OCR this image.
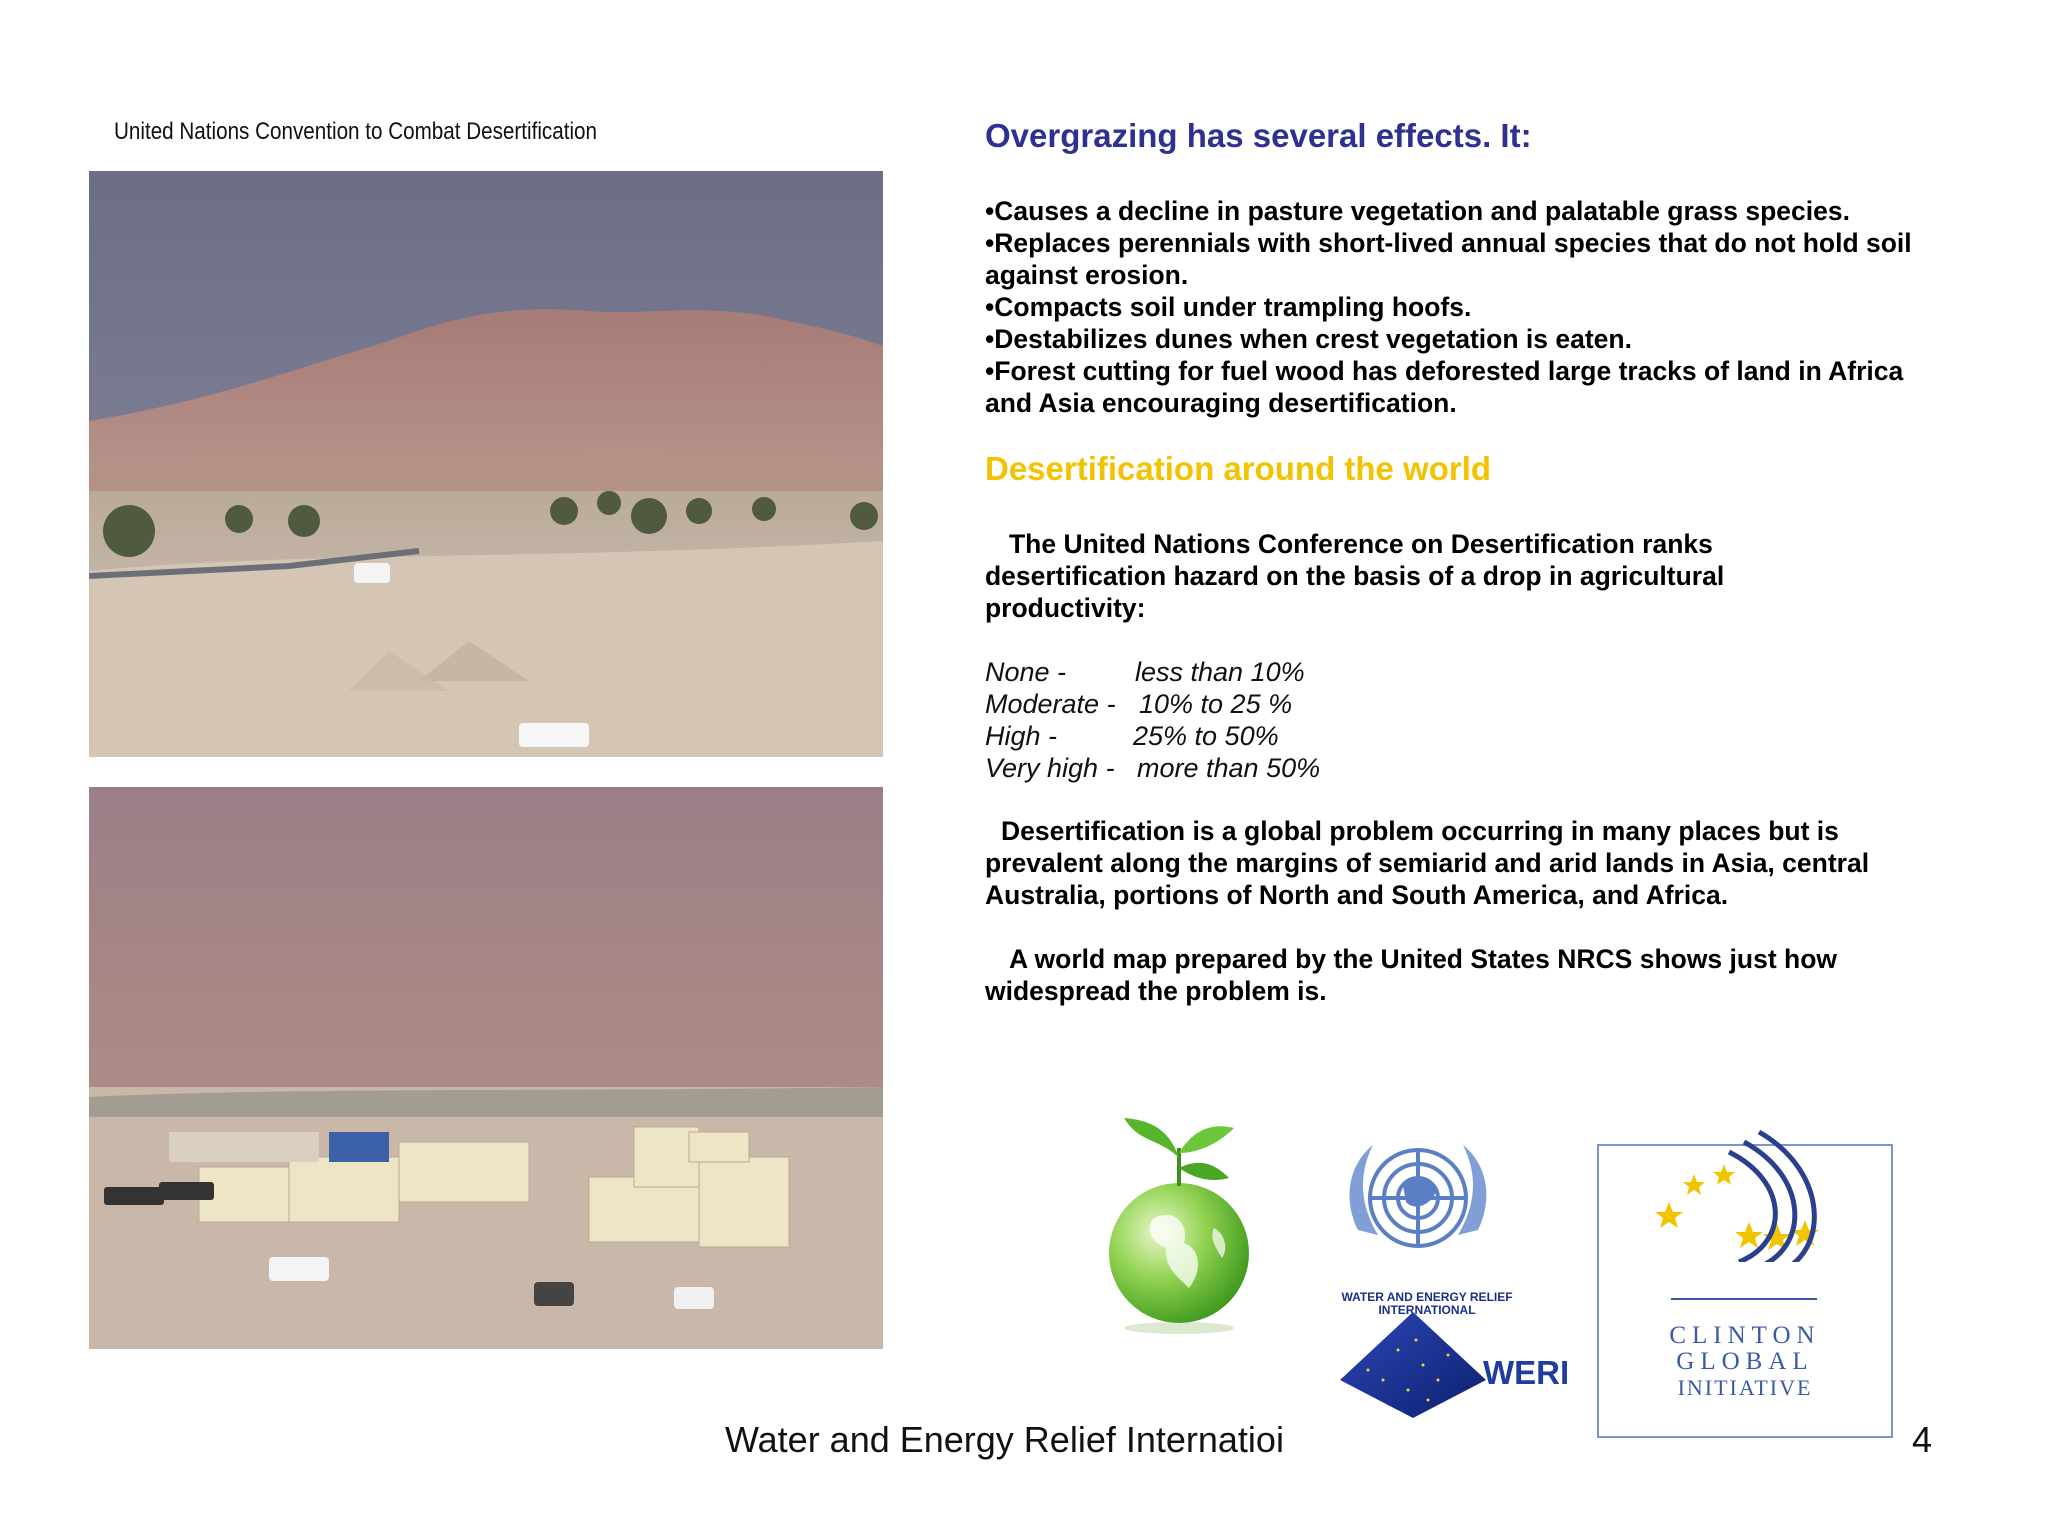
United Nations Convention to Combat Desertification	Overgrazing has several effects. It:
•Causes a decline in pasture vegetation and palatable grass species.
•Replaces perennials with short-lived annual species that do not hold soil against erosion.
•Compacts soil under trampling hoofs.
•Destabilizes dunes when crest vegetation is eaten.
•Forest cutting for fuel wood has deforested large tracks of land in Africa and Asia encouraging desertification.
Desertification around the world
The United Nations Conference on Desertification ranks desertification hazard on the basis of a drop in agricultural productivity:
None -	less than 10%
Moderate - 10% to 25 %
High -	25% to 50%
Very high - more than 50%
Desertification is a global problem occurring in many places but is prevalent along the margins of semiarid and arid lands in Asia, central Australia, portions of North and South America, and Africa.
A world map prepared by the United States NRCS shows just how widespread the problem is.
WATER AND ENERGY RELIEF INTERNATIONAL
WERI
CLINTON
GLOBAL
INITIATIVE
Water and Energy Relief Internatioi	4
